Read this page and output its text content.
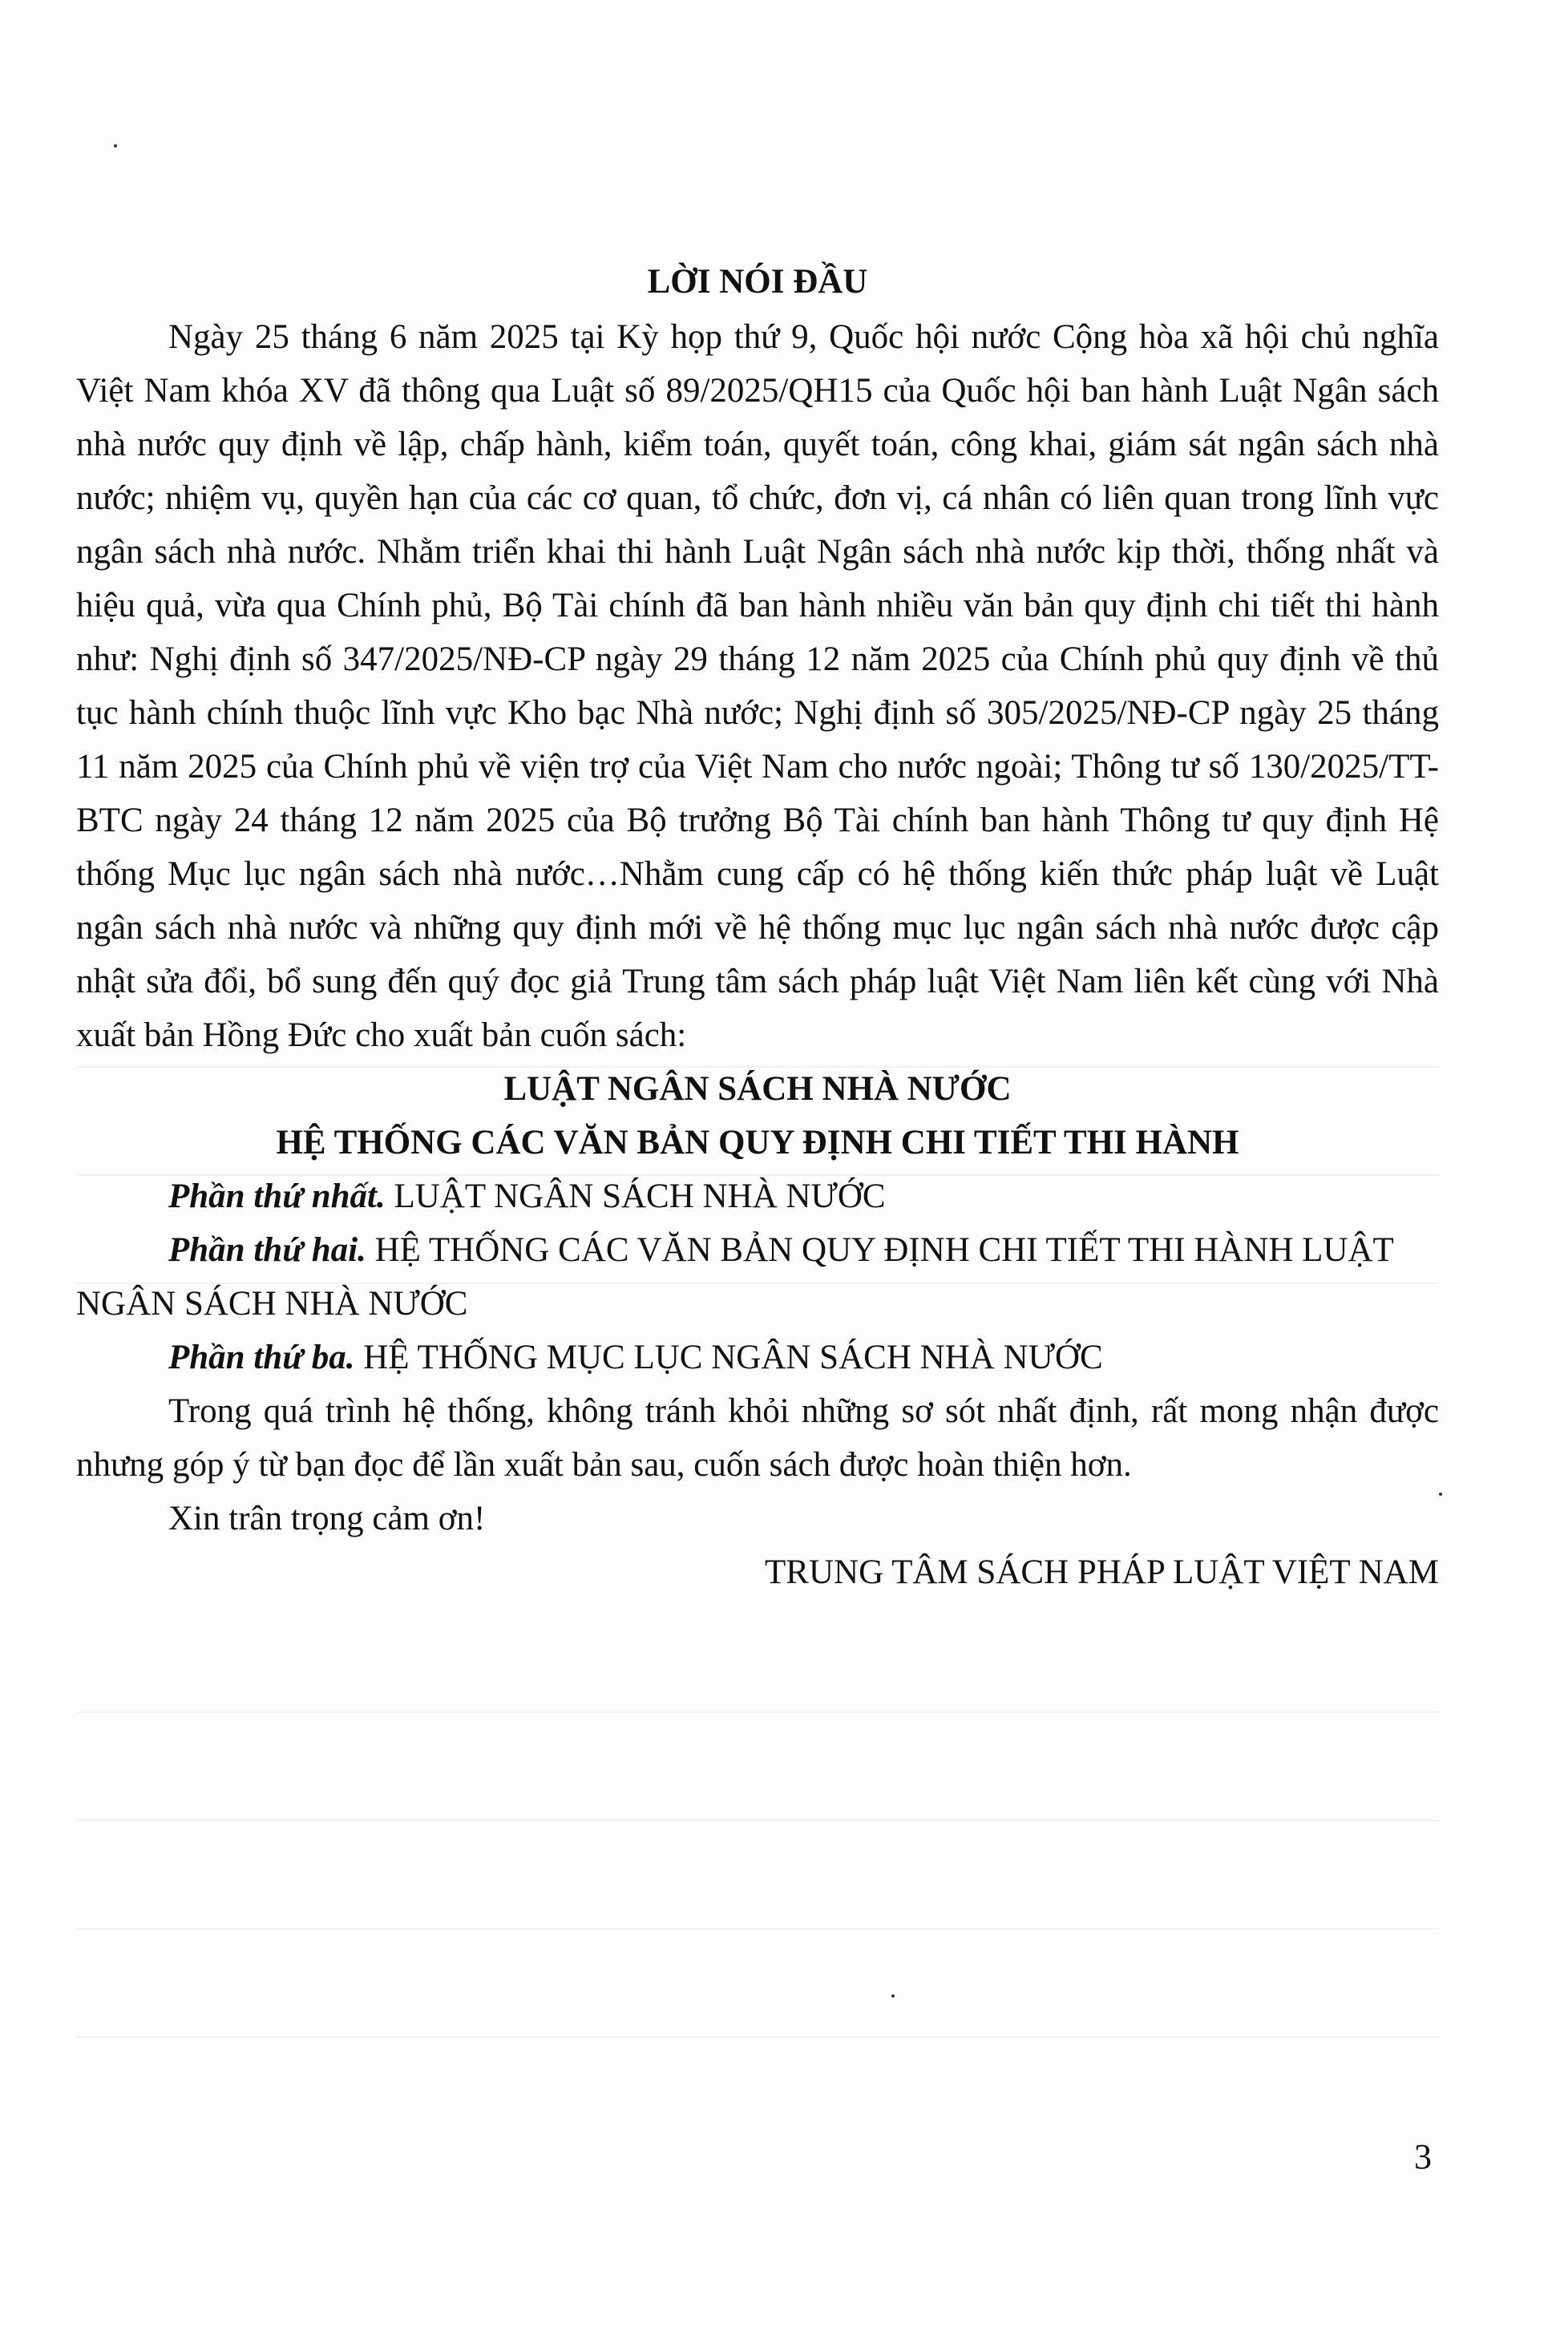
LỜI NÓI ĐẦU

Ngày 25 tháng 6 năm 2025 tại Kỳ họp thứ 9, Quốc hội nước Cộng hòa xã hội chủ nghĩa Việt Nam khóa XV đã thông qua Luật số 89/2025/QH15 của Quốc hội ban hành Luật Ngân sách nhà nước quy định về lập, chấp hành, kiểm toán, quyết toán, công khai, giám sát ngân sách nhà nước; nhiệm vụ, quyền hạn của các cơ quan, tổ chức, đơn vị, cá nhân có liên quan trong lĩnh vực ngân sách nhà nước. Nhằm triển khai thi hành Luật Ngân sách nhà nước kịp thời, thống nhất và hiệu quả, vừa qua Chính phủ, Bộ Tài chính đã ban hành nhiều văn bản quy định chi tiết thi hành như: Nghị định số 347/2025/NĐ-CP ngày 29 tháng 12 năm 2025 của Chính phủ quy định về thủ tục hành chính thuộc lĩnh vực Kho bạc Nhà nước; Nghị định số 305/2025/NĐ-CP ngày 25 tháng 11 năm 2025 của Chính phủ về viện trợ của Việt Nam cho nước ngoài; Thông tư số 130/2025/TT-BTC ngày 24 tháng 12 năm 2025 của Bộ trưởng Bộ Tài chính ban hành Thông tư quy định Hệ thống Mục lục ngân sách nhà nước…Nhằm cung cấp có hệ thống kiến thức pháp luật về Luật ngân sách nhà nước và những quy định mới về hệ thống mục lục ngân sách nhà nước được cập nhật sửa đổi, bổ sung đến quý đọc giả Trung tâm sách pháp luật Việt Nam liên kết cùng với Nhà xuất bản Hồng Đức cho xuất bản cuốn sách:

LUẬT NGÂN SÁCH NHÀ NƯỚC

HỆ THỐNG CÁC VĂN BẢN QUY ĐỊNH CHI TIẾT THI HÀNH

Phần thứ nhất. LUẬT NGÂN SÁCH NHÀ NƯỚC

Phần thứ hai. HỆ THỐNG CÁC VĂN BẢN QUY ĐỊNH CHI TIẾT THI HÀNH LUẬT NGÂN SÁCH NHÀ NƯỚC

Phần thứ ba. HỆ THỐNG MỤC LỤC NGÂN SÁCH NHÀ NƯỚC

Trong quá trình hệ thống, không tránh khỏi những sơ sót nhất định, rất mong nhận được nhưng góp ý từ bạn đọc để lần xuất bản sau, cuốn sách được hoàn thiện hơn.

Xin trân trọng cảm ơn!

TRUNG TÂM SÁCH PHÁP LUẬT VIỆT NAM

3
